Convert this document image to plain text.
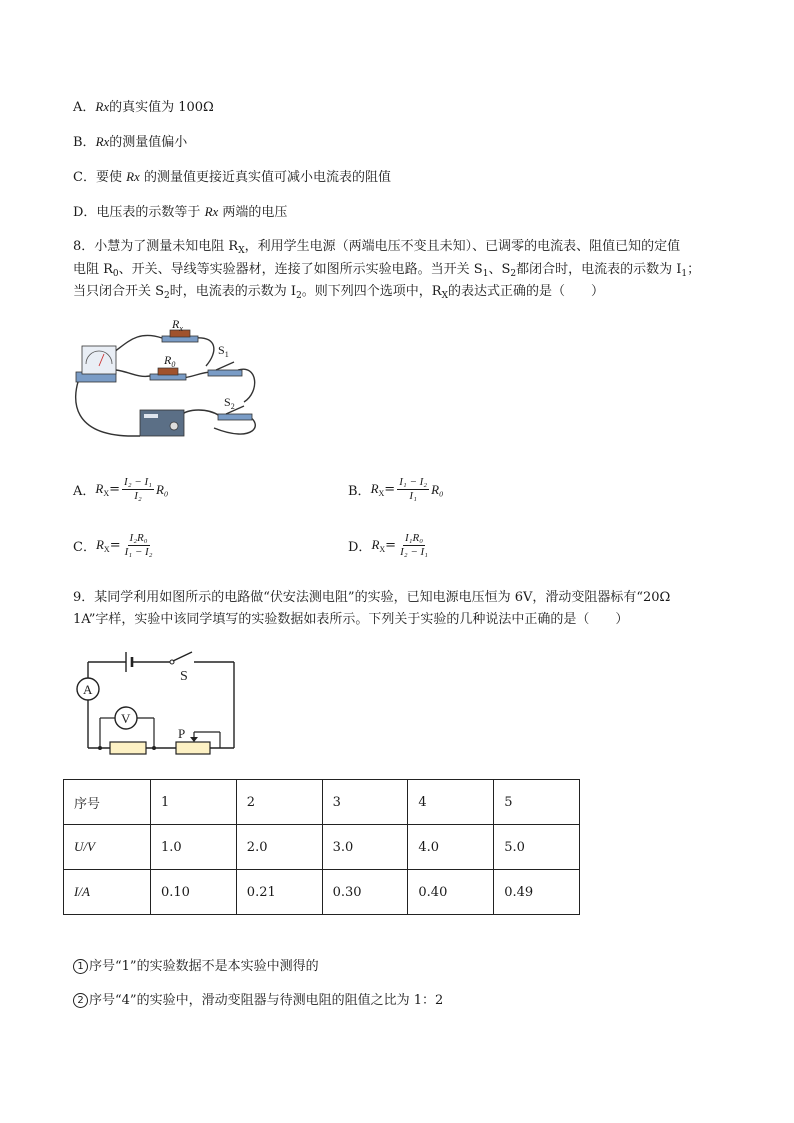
A．Rx的真实值为 100Ω
B．Rx的测量值偏小
C．要使 Rx 的测量值更接近真实值可减小电流表的阻值
D．电压表的示数等于 Rx 两端的电压
8．小慧为了测量未知电阻 $R_X$，利用学生电源（两端电压不变且未知）、已调零的电流表、阻值已知的定值
电阻 $R_0$、开关、导线等实验器材，连接了如图所示实验电路。当开关 $S_1$、$S_2$都闭合时，电流表的示数为 $I_1$；
当只闭合开关 $S_2$时，电流表的示数为 $I_2$。则下列四个选项中，$R_X$的表达式正确的是（　　）
$R_x$
$R_0$
$S_1$
$S_2$
A． $R_X = \frac{\text{I₂ − I₁}}{\text{I₂}} R_0$	B． $R_X = \frac{\text{I₁ − I₂}}{\text{I₁}} R_0$
C． $R_X = \frac{\text{I₂R₀}}{\text{I₁ − I₂}}$	D． $R_X = \frac{\text{I₁R₀}}{\text{I₂ − I₁}}$
9．某同学利用如图所示的电路做“伏安法测电阻”的实验，已知电源电压恒为 6V，滑动变阻器标有“20Ω
1A”字样，实验中该同学填写的实验数据如表所示。下列关于实验的几种说法中正确的是（　　）
A
V
S
P
序号	1	2	3	4	5
U/V	1.0	2.0	3.0	4.0	5.0
I/A	0.10	0.21	0.30	0.40	0.49
1 序号“1”的实验数据不是本实验中测得的
2 序号“4”的实验中，滑动变阻器与待测电阻的阻值之比为 1：2
